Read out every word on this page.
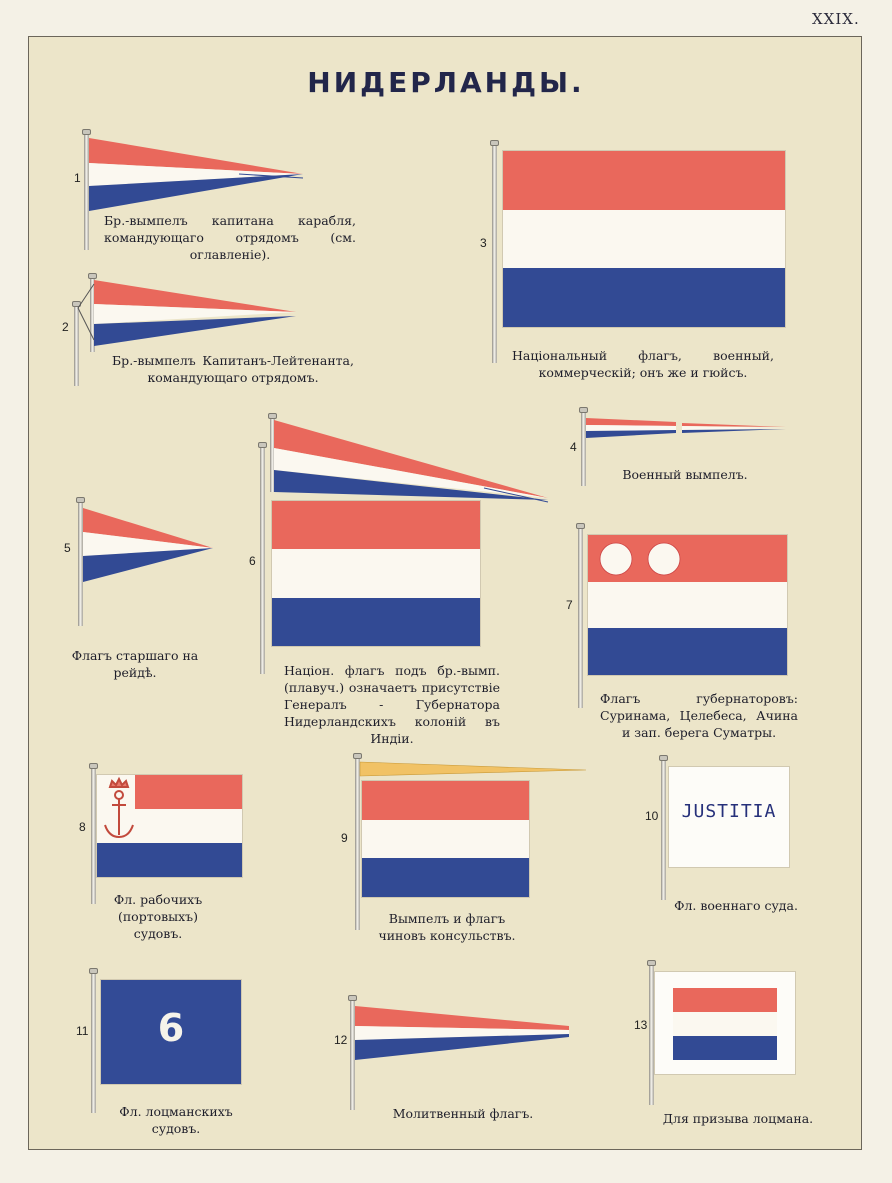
XXIX.
НИДЕРЛАНДЫ.
1
Бр.-вымпелъ капитана карабля, командующаго отрядомъ (см. оглавленіе).
2
Бр.-вымпелъ Капитанъ-Лейтенанта, командующаго отрядомъ.
3
Національный флагъ, военный, коммерческій; онъ же и гюйсъ.
4
Военный вымпелъ.
5
Флагъ старшаго на рейдѣ.
6
Націон. флагъ подъ бр.-вымп. (плавуч.) означаетъ присутствіе Генералъ - Губернатора Нидерландскихъ колоній въ Индіи.
7
Флагъ губернаторовъ: Суринама, Целебеса, Ачина и зап. берега Суматры.
8
Фл. рабочихъ (портовыхъ) судовъ.
9
Вымпелъ и флагъ чиновъ консульствъ.
JUSTITIA
10
Фл. военнаго суда.
6
11
Фл. лоцманскихъ судовъ.
12
Молитвенный флагъ.
13
Для призыва лоцмана.
